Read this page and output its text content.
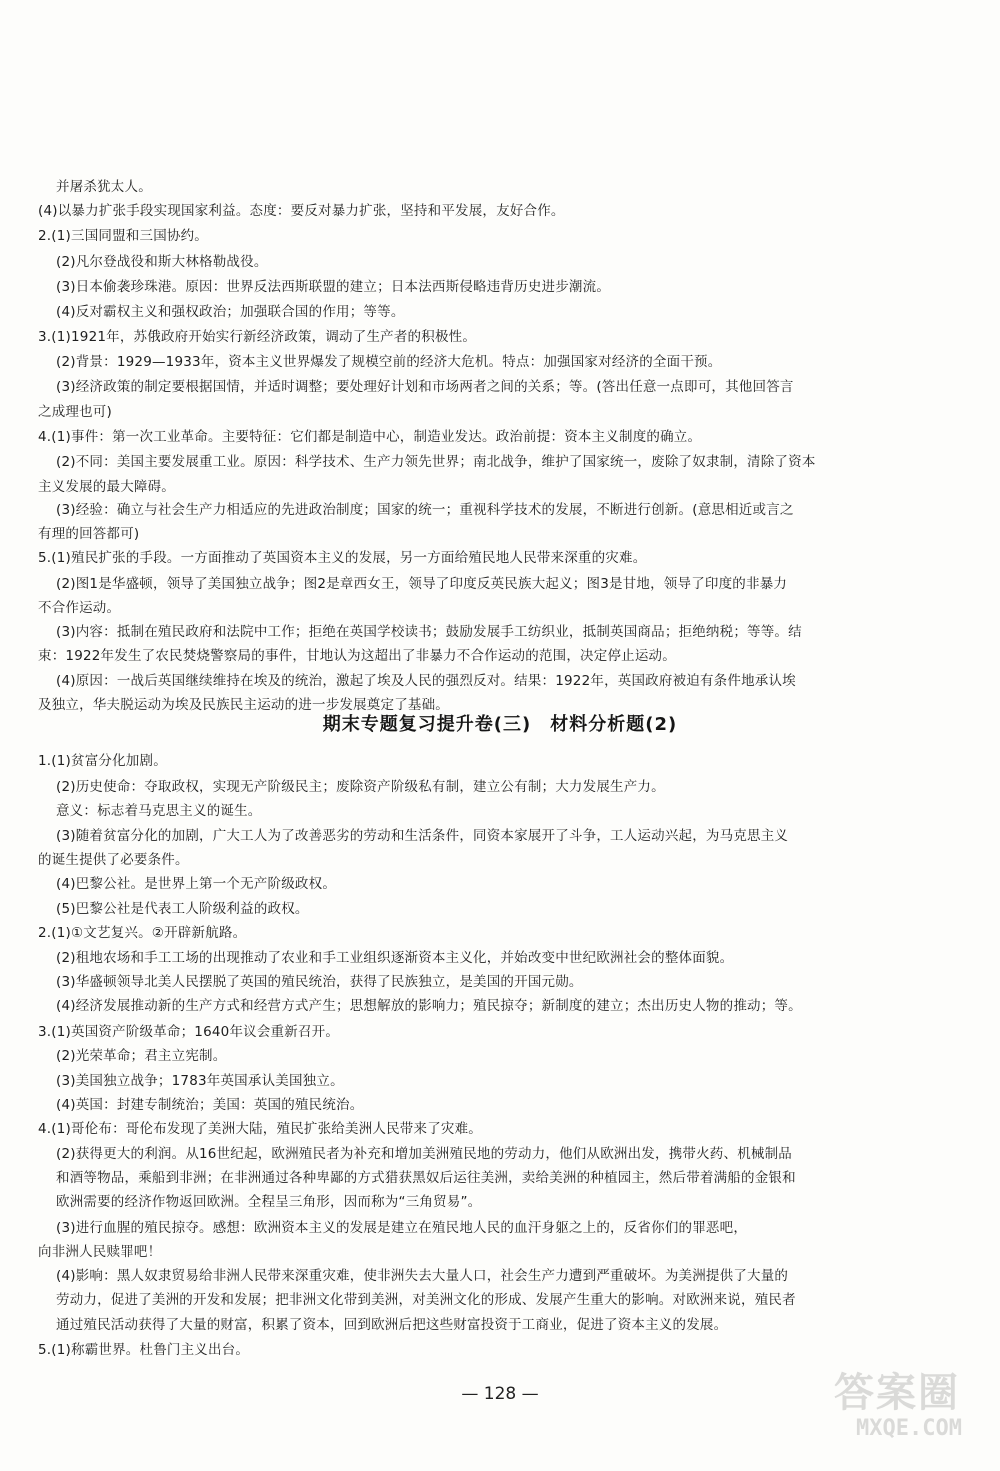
并屠杀犹太人。
(4)以暴力扩张手段实现国家利益。态度：要反对暴力扩张，坚持和平发展，友好合作。
2.(1)三国同盟和三国协约。
(2)凡尔登战役和斯大林格勒战役。
(3)日本偷袭珍珠港。原因：世界反法西斯联盟的建立；日本法西斯侵略违背历史进步潮流。
(4)反对霸权主义和强权政治；加强联合国的作用；等等。
3.(1)1921年，苏俄政府开始实行新经济政策，调动了生产者的积极性。
(2)背景：1929—1933年，资本主义世界爆发了规模空前的经济大危机。特点：加强国家对经济的全面干预。
(3)经济政策的制定要根据国情，并适时调整；要处理好计划和市场两者之间的关系；等。(答出任意一点即可，其他回答言
之成理也可)
4.(1)事件：第一次工业革命。主要特征：它们都是制造中心，制造业发达。政治前提：资本主义制度的确立。
(2)不同：美国主要发展重工业。原因：科学技术、生产力领先世界；南北战争，维护了国家统一，废除了奴隶制，清除了资本
主义发展的最大障碍。
(3)经验：确立与社会生产力相适应的先进政治制度；国家的统一；重视科学技术的发展，不断进行创新。(意思相近或言之
有理的回答都可)
5.(1)殖民扩张的手段。一方面推动了英国资本主义的发展，另一方面给殖民地人民带来深重的灾难。
(2)图1是华盛顿，领导了美国独立战争；图2是章西女王，领导了印度反英民族大起义；图3是甘地，领导了印度的非暴力
不合作运动。
(3)内容：抵制在殖民政府和法院中工作；拒绝在英国学校读书；鼓励发展手工纺织业，抵制英国商品；拒绝纳税；等等。结
束：1922年发生了农民焚烧警察局的事件，甘地认为这超出了非暴力不合作运动的范围，决定停止运动。
(4)原因：一战后英国继续维持在埃及的统治，激起了埃及人民的强烈反对。结果：1922年，英国政府被迫有条件地承认埃
及独立，华夫脱运动为埃及民族民主运动的进一步发展奠定了基础。
期末专题复习提升卷(三)　材料分析题(2)
1.(1)贫富分化加剧。
(2)历史使命：夺取政权，实现无产阶级民主；废除资产阶级私有制，建立公有制；大力发展生产力。
意义：标志着马克思主义的诞生。
(3)随着贫富分化的加剧，广大工人为了改善恶劣的劳动和生活条件，同资本家展开了斗争，工人运动兴起，为马克思主义
的诞生提供了必要条件。
(4)巴黎公社。是世界上第一个无产阶级政权。
(5)巴黎公社是代表工人阶级利益的政权。
2.(1)①文艺复兴。②开辟新航路。
(2)租地农场和手工工场的出现推动了农业和手工业组织逐渐资本主义化，并始改变中世纪欧洲社会的整体面貌。
(3)华盛顿领导北美人民摆脱了英国的殖民统治，获得了民族独立，是美国的开国元勋。
(4)经济发展推动新的生产方式和经营方式产生；思想解放的影响力；殖民掠夺；新制度的建立；杰出历史人物的推动；等。
3.(1)英国资产阶级革命；1640年议会重新召开。
(2)光荣革命；君主立宪制。
(3)美国独立战争；1783年英国承认美国独立。
(4)英国：封建专制统治；美国：英国的殖民统治。
4.(1)哥伦布：哥伦布发现了美洲大陆，殖民扩张给美洲人民带来了灾难。
(2)获得更大的利润。从16世纪起，欧洲殖民者为补充和增加美洲殖民地的劳动力，他们从欧洲出发，携带火药、机械制品
和酒等物品，乘船到非洲；在非洲通过各种卑鄙的方式猎获黑奴后运往美洲，卖给美洲的种植园主，然后带着满船的金银和
欧洲需要的经济作物返回欧洲。全程呈三角形，因而称为“三角贸易”。
(3)进行血腥的殖民掠夺。感想：欧洲资本主义的发展是建立在殖民地人民的血汗身躯之上的，反省你们的罪恶吧，
向非洲人民赎罪吧！
(4)影响：黑人奴隶贸易给非洲人民带来深重灾难，使非洲失去大量人口，社会生产力遭到严重破坏。为美洲提供了大量的
劳动力，促进了美洲的开发和发展；把非洲文化带到美洲，对美洲文化的形成、发展产生重大的影响。对欧洲来说，殖民者
通过殖民活动获得了大量的财富，积累了资本，回到欧洲后把这些财富投资于工商业，促进了资本主义的发展。
5.(1)称霸世界。杜鲁门主义出台。
— 128 —	答案圈
MXQE.COM
